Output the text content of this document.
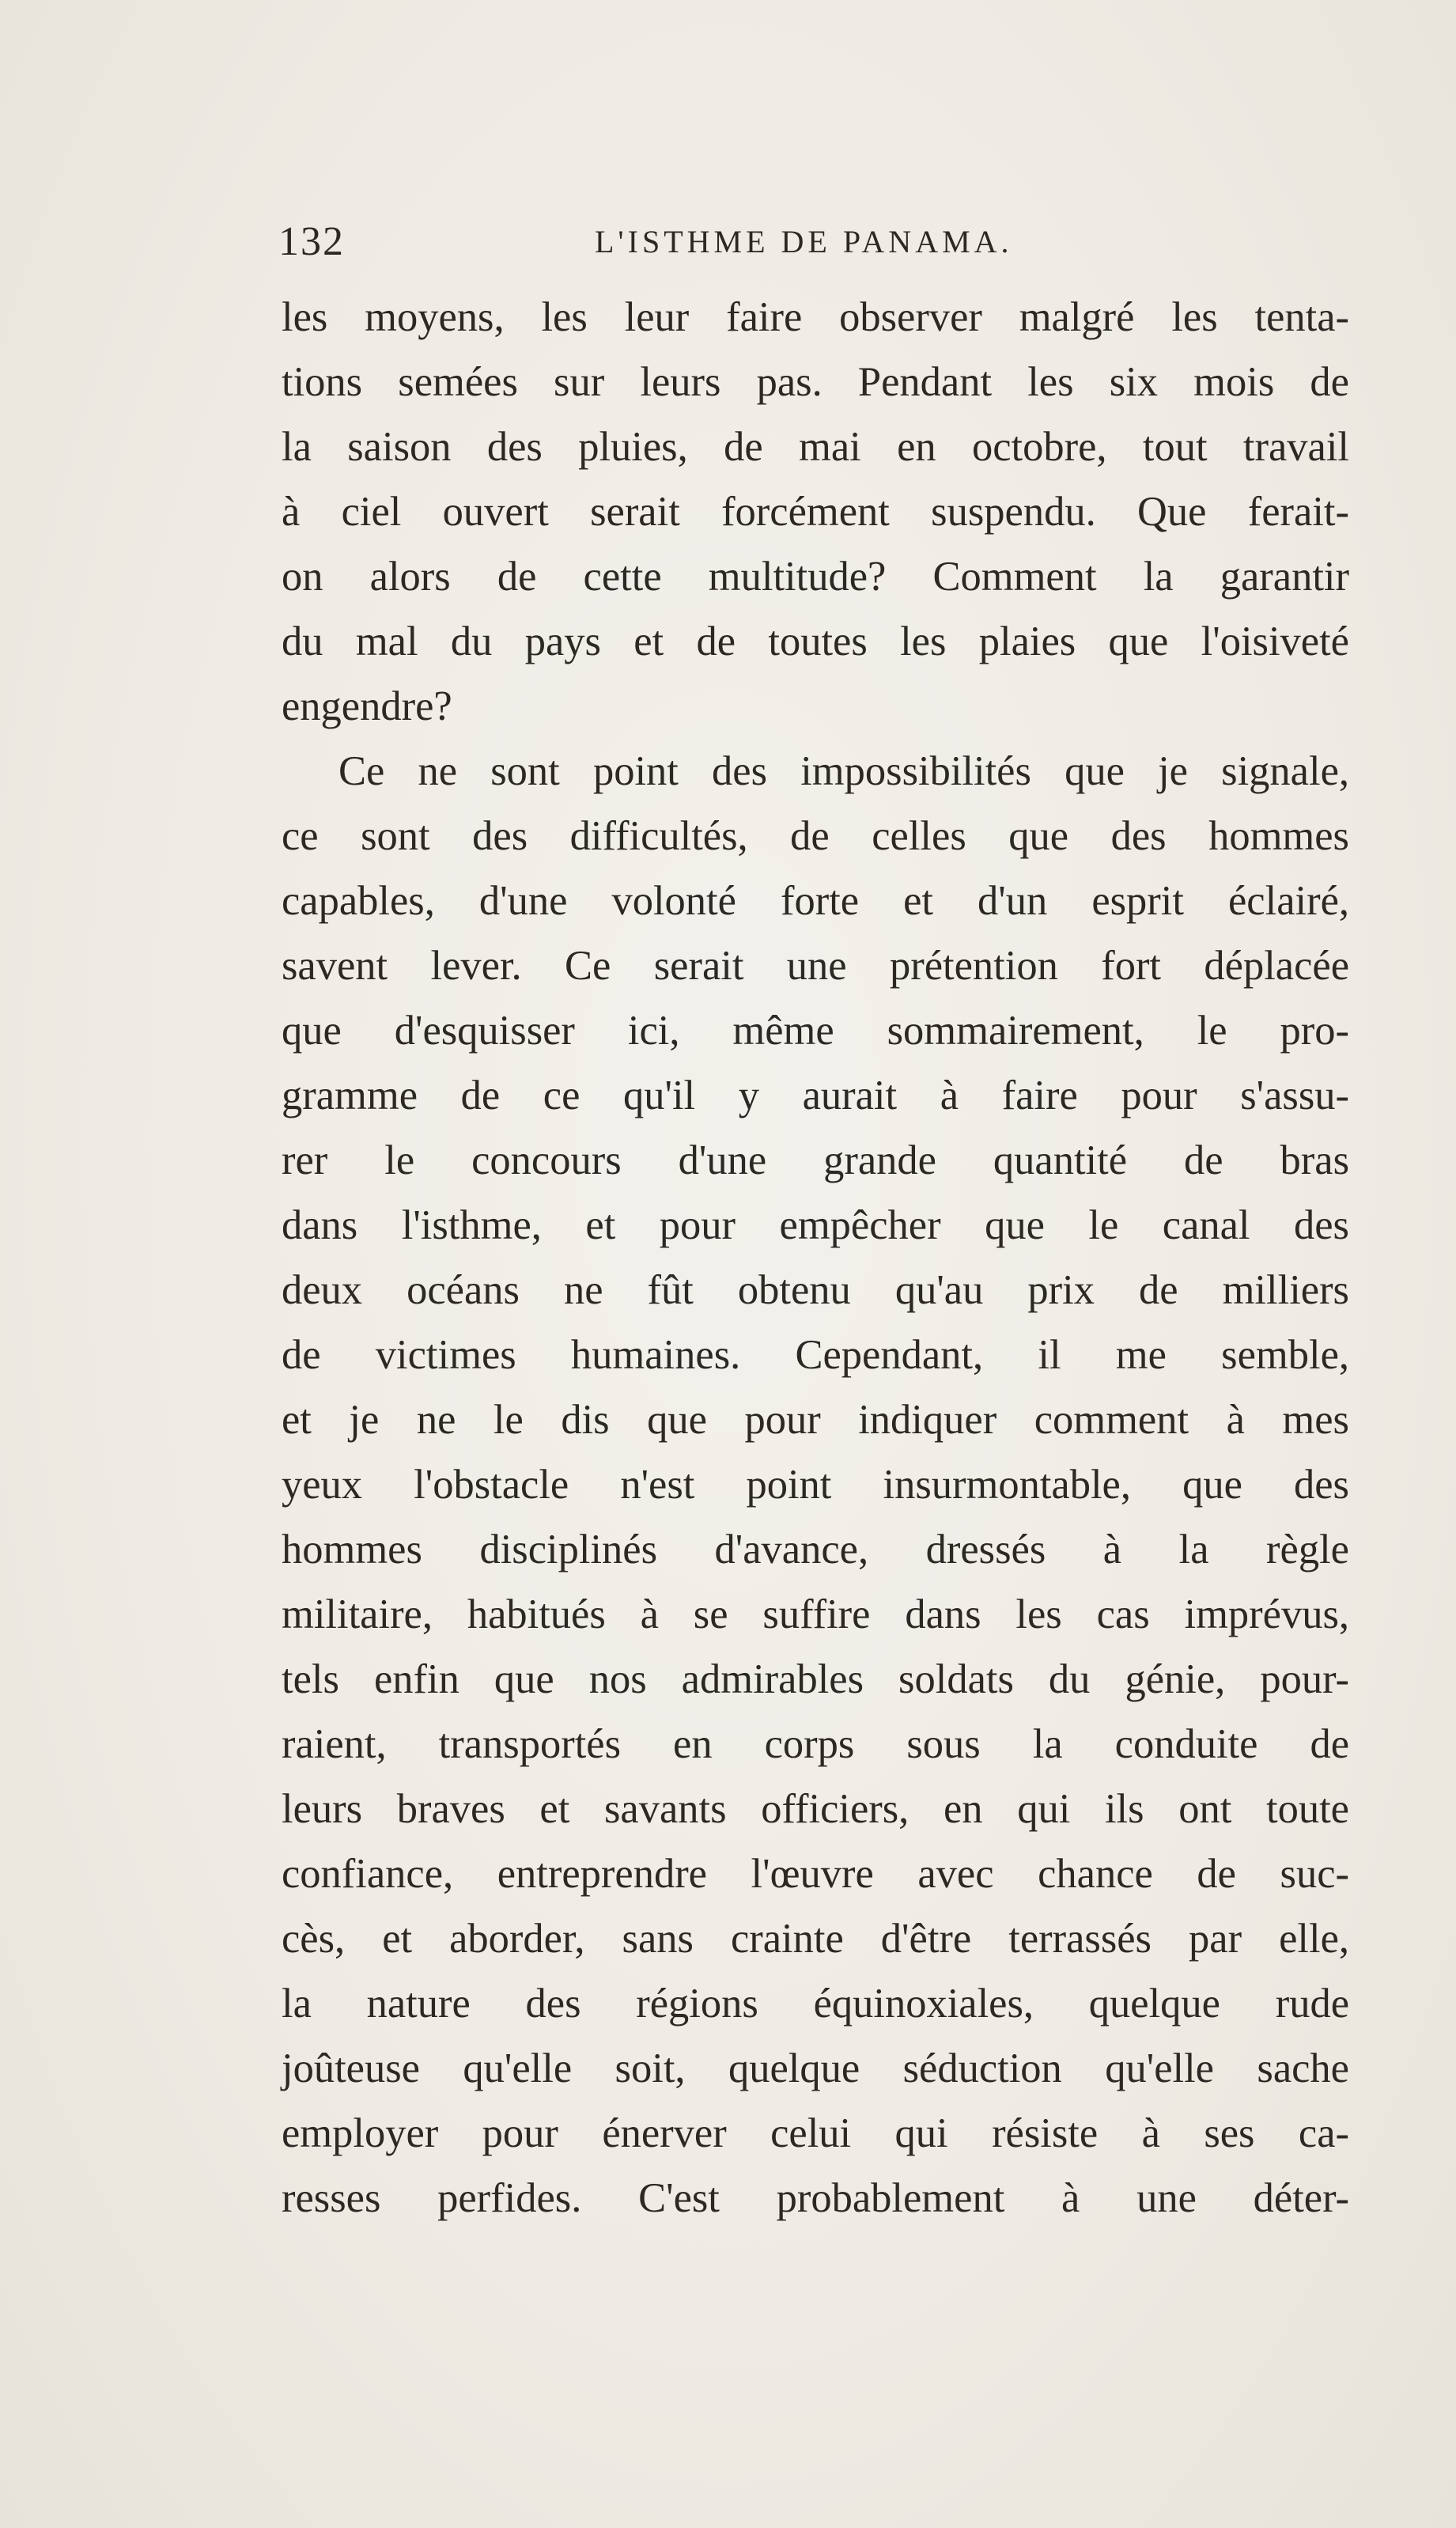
132	L'ISTHME DE PANAMA.
les moyens, les leur faire observer malgré les tenta-
tions semées sur leurs pas. Pendant les six mois de
la saison des pluies, de mai en octobre, tout travail
à ciel ouvert serait forcément suspendu. Que ferait-
on alors de cette multitude? Comment la garantir
du mal du pays et de toutes les plaies que l'oisiveté
engendre?
Ce ne sont point des impossibilités que je signale,
ce sont des difficultés, de celles que des hommes
capables, d'une volonté forte et d'un esprit éclairé,
savent lever. Ce serait une prétention fort déplacée
que d'esquisser ici, même sommairement, le pro-
gramme de ce qu'il y aurait à faire pour s'assu-
rer le concours d'une grande quantité de bras
dans l'isthme, et pour empêcher que le canal des
deux océans ne fût obtenu qu'au prix de milliers
de victimes humaines. Cependant, il me semble,
et je ne le dis que pour indiquer comment à mes
yeux l'obstacle n'est point insurmontable, que des
hommes disciplinés d'avance, dressés à la règle
militaire, habitués à se suffire dans les cas imprévus,
tels enfin que nos admirables soldats du génie, pour-
raient, transportés en corps sous la conduite de
leurs braves et savants officiers, en qui ils ont toute
confiance, entreprendre l'œuvre avec chance de suc-
cès, et aborder, sans crainte d'être terrassés par elle,
la nature des régions équinoxiales, quelque rude
joûteuse qu'elle soit, quelque séduction qu'elle sache
employer pour énerver celui qui résiste à ses ca-
resses perfides. C'est probablement à une déter-
